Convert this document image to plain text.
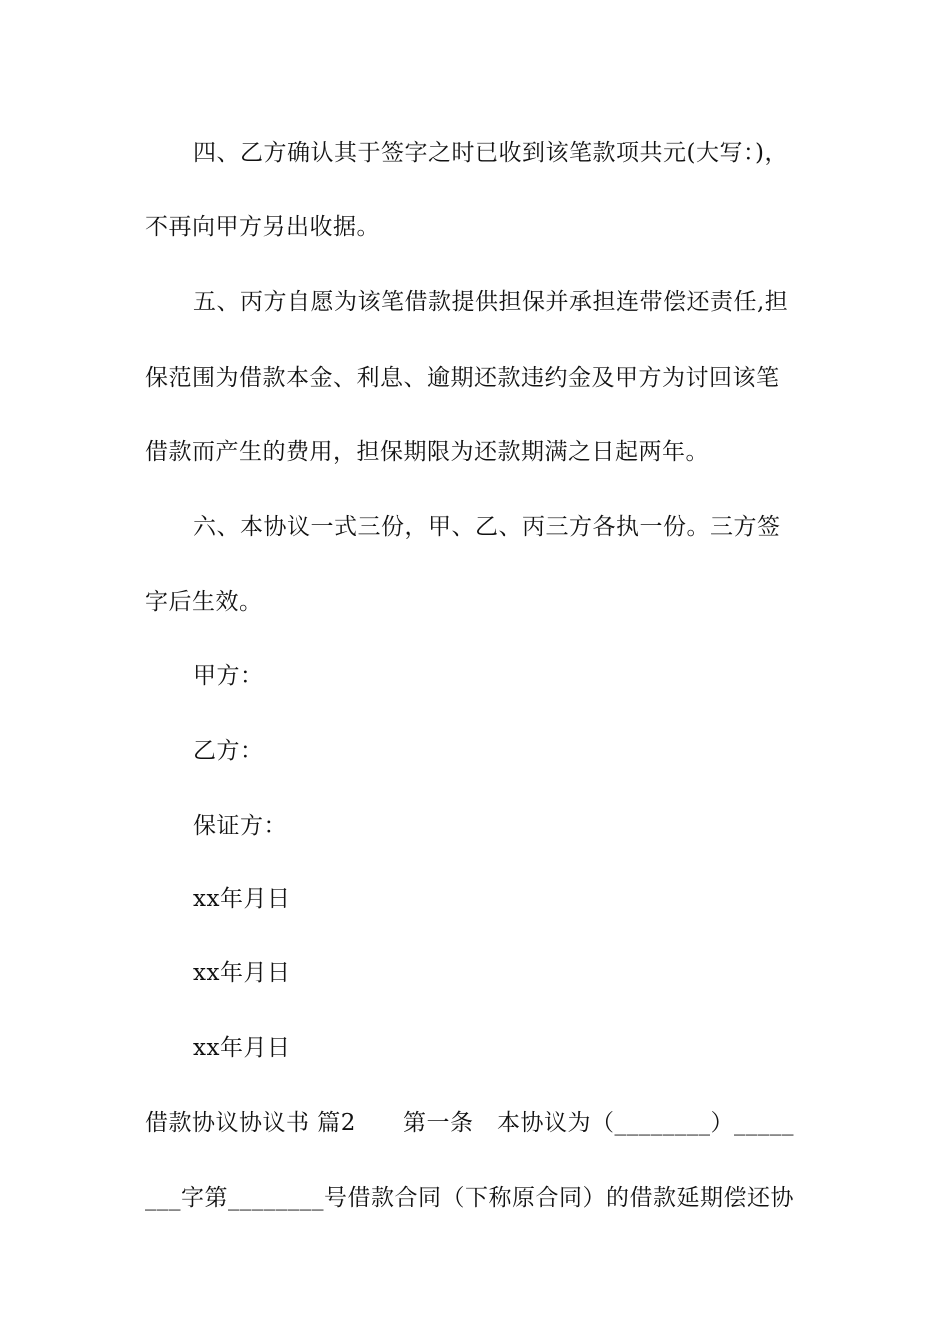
四、乙方确认其于签字之时已收到该笔款项共元(大写：)，
不再向甲方另出收据。
五、丙方自愿为该笔借款提供担保并承担连带偿还责任,担
保范围为借款本金、利息、逾期还款违约金及甲方为讨回该笔
借款而产生的费用，担保期限为还款期满之日起两年。
六、本协议一式三份，甲、乙、丙三方各执一份。三方签
字后生效。
甲方：
乙方：
保证方：
xx年月日
xx年月日
xx年月日
借款协议协议书 篇2　　第一条　本协议为（________）_____
___字第________号借款合同（下称原合同）的借款延期偿还协
